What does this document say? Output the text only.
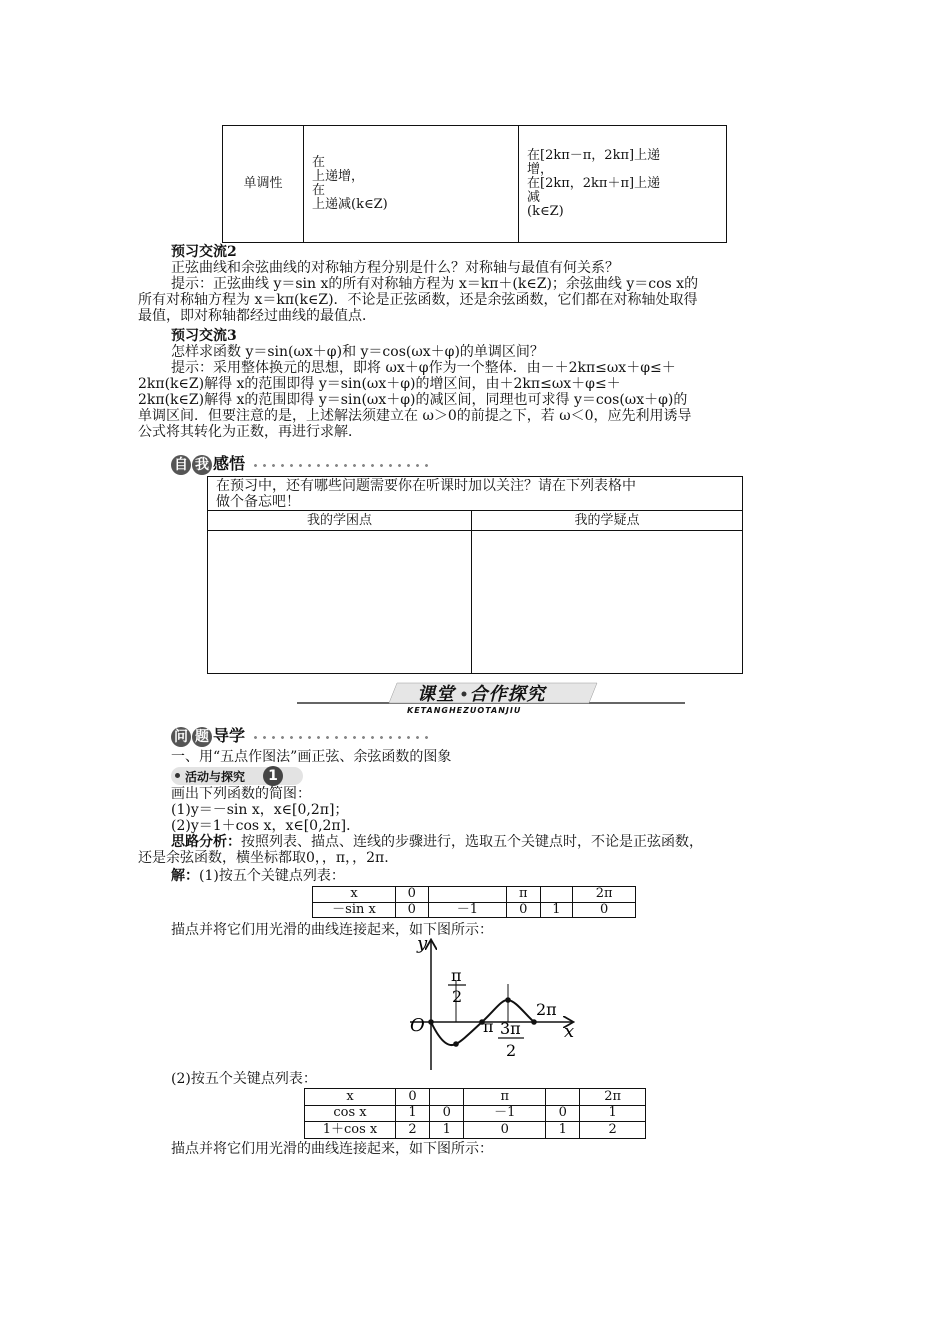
单调性	
在
上递增，
在
上递减(k∈Z)

在[2kπ－π，2kπ]上递
增，
在[2kπ，2kπ＋π]上递
减
(k∈Z)

预习交流2

正弦曲线和余弦曲线的对称轴方程分别是什么？对称轴与最值有何关系？

提示：正弦曲线 y＝sin x的所有对称轴方程为 x＝kπ＋(k∈Z)；余弦曲线 y＝cos x的

所有对称轴方程为 x＝kπ(k∈Z)．不论是正弦函数，还是余弦函数，它们都在对称轴处取得

最值，即对称轴都经过曲线的最值点．

预习交流3

怎样求函数 y＝sin(ωx＋φ)和 y＝cos(ωx＋φ)的单调区间？

提示：采用整体换元的思想，即将 ωx＋φ作为一个整体．由－＋2kπ≤ωx＋φ≤＋

2kπ(k∈Z)解得 x的范围即得 y＝sin(ωx＋φ)的增区间，由＋2kπ≤ωx＋φ≤＋

2kπ(k∈Z)解得 x的范围即得 y＝sin(ωx＋φ)的减区间，同理也可求得 y＝cos(ωx＋φ)的

单调区间．但要注意的是，上述解法须建立在 ω＞0的前提之下，若 ω＜0，应先利用诱导

公式将其转化为正数，再进行求解．

自 我 感悟
在预习中，还有哪些问题需要你在听课时加以关注？请在下列表格中
做个备忘吧！	

我的学困点	我的学疑点

课堂 合作探究
KETANGHEZUOTANJIU
问 题 导学

一、用“五点作图法”画正弦、余弦函数的图象

活动与探究	1

画出下列函数的简图：

(1)y＝－sin x，x∈[0,2π]；

(2)y＝1＋cos x，x∈[0,2π]．

思路分析：按照列表、描点、连线的步骤进行，选取五个关键点时，不论是正弦函数，

还是余弦函数，横坐标都取0，，π，，2π.

解：(1)按五个关键点列表：

x	0		π		2π
－sin x	0	－1	0	1	0

描点并将它们用光滑的曲线连接起来，如下图所示：

y
x
O
π
2
π 3π
2
2π

(2)按五个关键点列表：

x	0		π		2π
cos x	1	0	－1	0	1
1＋cos x	2	1	0	1	2

描点并将它们用光滑的曲线连接起来，如下图所示：
